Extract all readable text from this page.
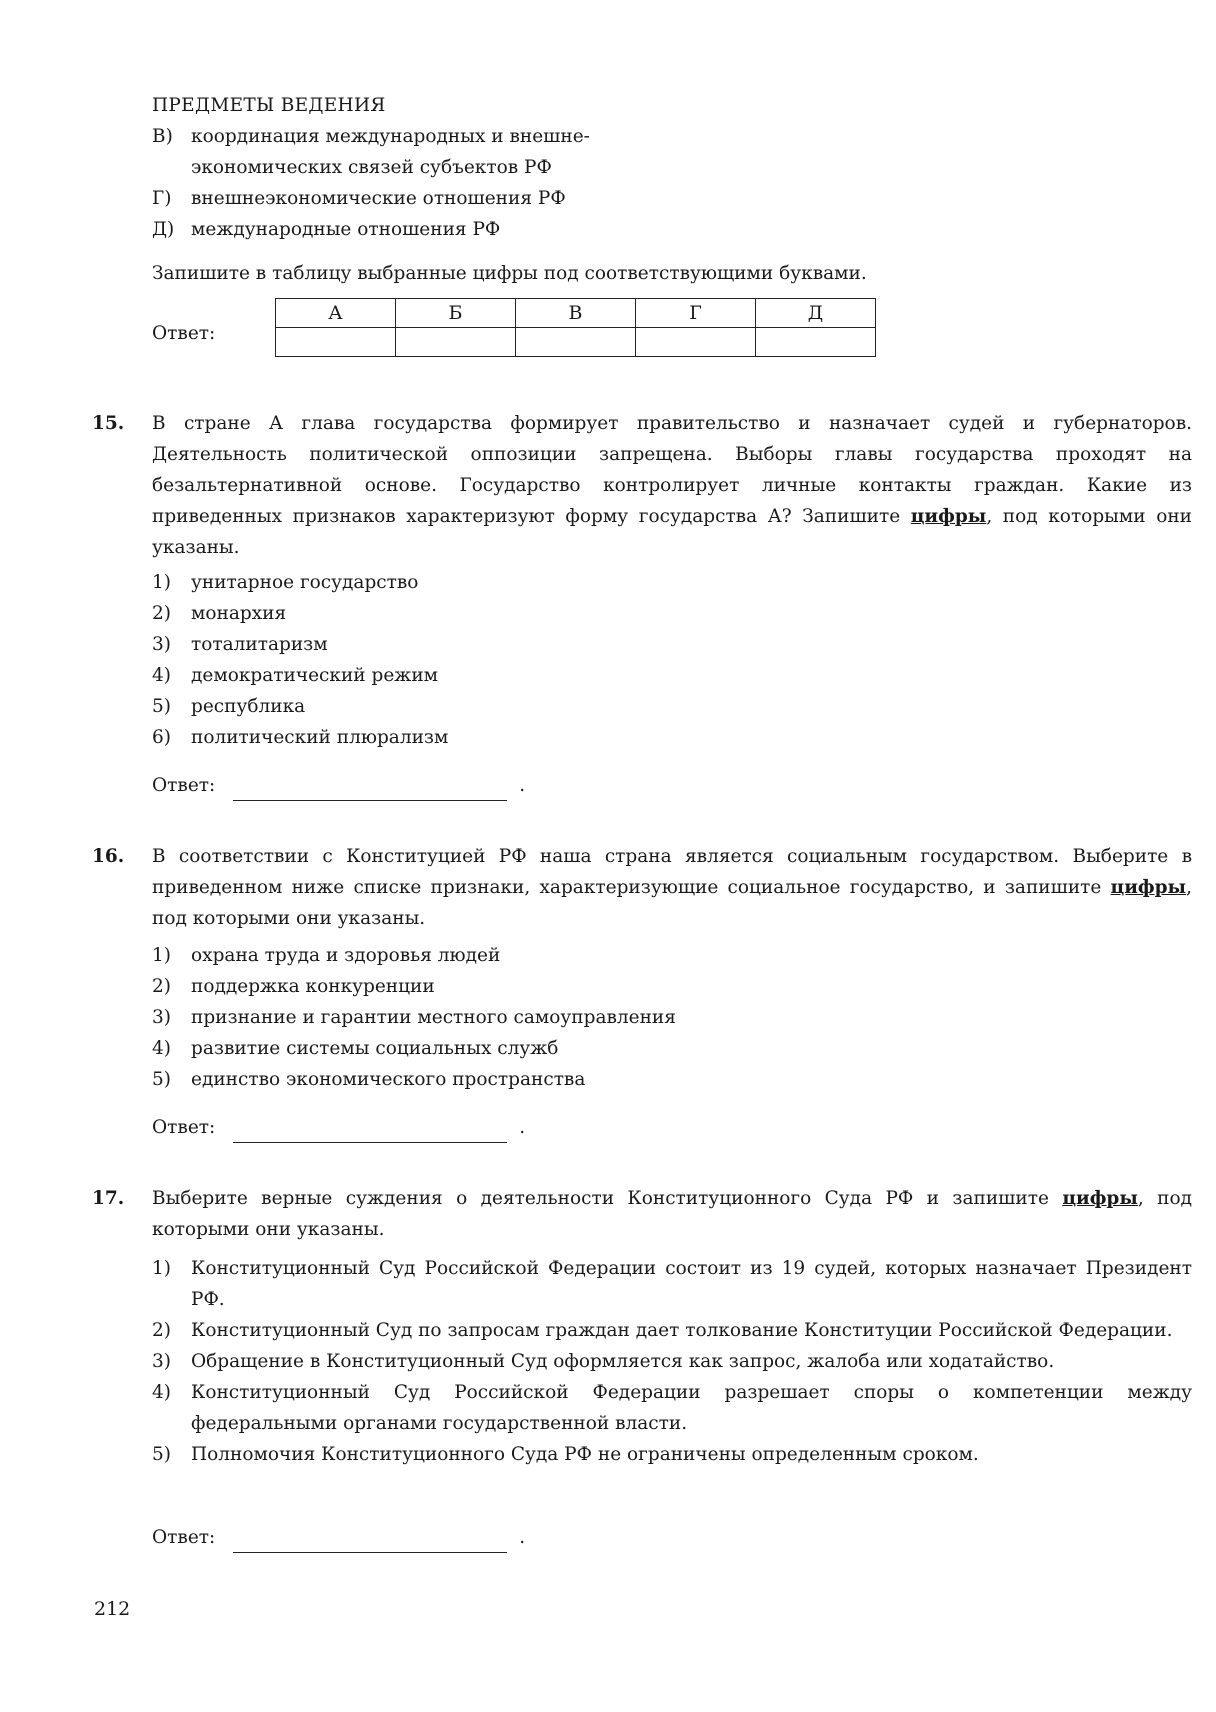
ПРЕДМЕТЫ ВЕДЕНИЯ
В) координация международных и внешне-
экономических связей субъектов РФ
Г)	внешнеэкономические отношения РФ
Д) международные отношения РФ
Запишите в таблицу выбранные цифры под соответствующими буквами.
Ответ:
А	Б	В	Г	Д

15. В стране А глава государства формирует правительство и назначает судей и губернаторов. Деятельность политической оппозиции запрещена. Выборы главы государства проходят на безальтернативной основе. Государство контролирует личные контакты граждан. Какие из приведенных признаков характеризуют форму государства А? Запишите цифры, под которыми они указаны.
1)	унитарное государство
2)	монархия
3)	тоталитаризм
4)	демократический режим
5)	республика
6)	политический плюрализм
Ответ:	.
16. В соответствии с Конституцией РФ наша страна является социальным государством. Выберите в приведенном ниже списке признаки, характеризующие социальное государство, и запишите цифры, под которыми они указаны.
1)	охрана труда и здоровья людей
2)	поддержка конкуренции
3)	признание и гарантии местного самоуправления
4)	развитие системы социальных служб
5)	единство экономического пространства
Ответ:	.
17. Выберите верные суждения о деятельности Конституционного Суда РФ и запишите цифры, под которыми они указаны.
1)	Конституционный Суд Российской Федерации состоит из 19 судей, которых назначает Президент РФ.
2)	Конституционный Суд по запросам граждан дает толкование Конституции Российской Федерации.
3)	Обращение в Конституционный Суд оформляется как запрос, жалоба или ходатайство.
4)	Конституционный Суд Российской Федерации разрешает споры о компетенции между федеральными органами государственной власти.
5)	Полномочия Конституционного Суда РФ не ограничены определенным сроком.
Ответ:	.
212
